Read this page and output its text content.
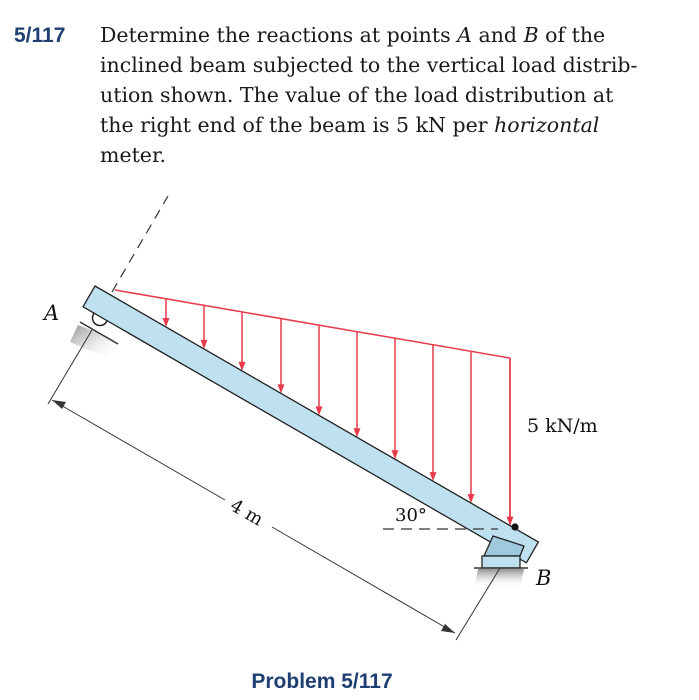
5/117	Determine the reactions at points A and B of the
inclined beam subjected to the vertical load distrib-
ution shown. The value of the load distribution at
the right end of the beam is 5 kN per horizontal
meter.
A
B
5 kN/m
30°
4 m
Problem 5/117
